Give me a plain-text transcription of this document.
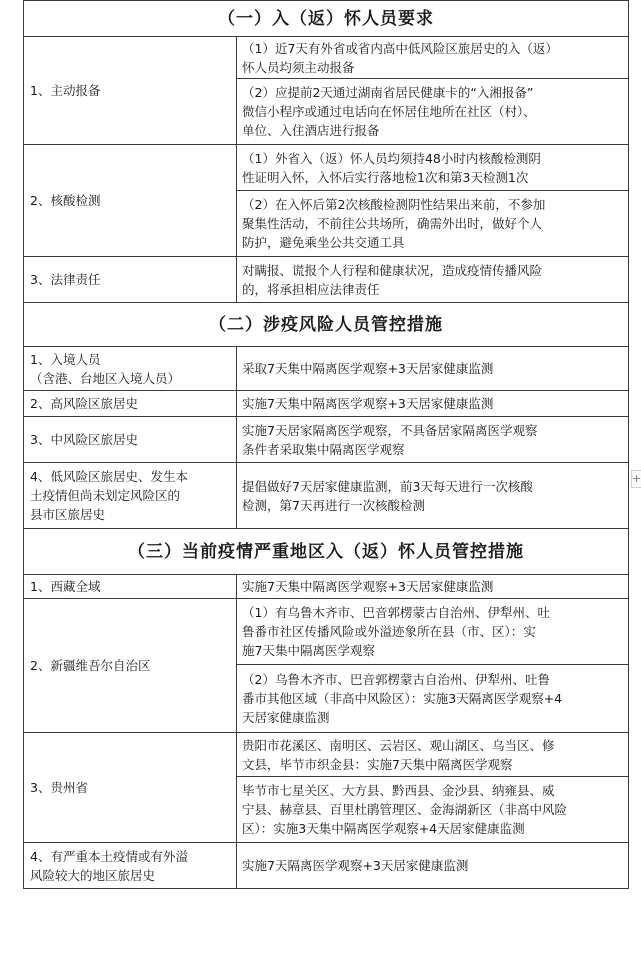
（一）入（返）怀人员要求	
1、主动报备	（1）近7天有外省或省内高中低风险区旅居史的入（返）
怀人员均须主动报备
	（2）应提前2天通过湖南省居民健康卡的“入湘报备”
微信小程序或通过电话向在怀居住地所在社区（村）、
单位、入住酒店进行报备
2、核酸检测	（1）外省入（返）怀人员均须持48小时内核酸检测阴
性证明入怀，入怀后实行落地检1次和第3天检测1次
	（2）在入怀后第2次核酸检测阴性结果出来前，不参加
聚集性活动，不前往公共场所，确需外出时，做好个人
防护，避免乘坐公共交通工具
3、法律责任	对瞒报、谎报个人行程和健康状况，造成疫情传播风险
的，将承担相应法律责任
（二）涉疫风险人员管控措施	
1、入境人员
（含港、台地区入境人员）	采取7天集中隔离医学观察+3天居家健康监测
2、高风险区旅居史	实施7天集中隔离医学观察+3天居家健康监测
3、中风险区旅居史	实施7天居家隔离医学观察，不具备居家隔离医学观察
条件者采取集中隔离医学观察
4、低风险区旅居史、发生本
土疫情但尚未划定风险区的
县市区旅居史	提倡做好7天居家健康监测，前3天每天进行一次核酸
检测，第7天再进行一次核酸检测
（三）当前疫情严重地区入（返）怀人员管控措施	
1、西藏全域	实施7天集中隔离医学观察+3天居家健康监测
2、新疆维吾尔自治区	（1）有乌鲁木齐市、巴音郭楞蒙古自治州、伊犁州、吐
鲁番市社区传播风险或外溢迹象所在县（市、区）：实
施7天集中隔离医学观察
	（2）乌鲁木齐市、巴音郭楞蒙古自治州、伊犁州、吐鲁
番市其他区域（非高中风险区）：实施3天隔离医学观察+4
天居家健康监测
3、贵州省	贵阳市花溪区、南明区、云岩区、观山湖区、乌当区、修
文县，毕节市织金县：实施7天集中隔离医学观察
	毕节市七星关区、大方县、黔西县、金沙县、纳雍县、威
宁县、赫章县、百里杜鹃管理区、金海湖新区（非高中风险
区）：实施3天集中隔离医学观察+4天居家健康监测
4、有严重本土疫情或有外溢
风险较大的地区旅居史	实施7天隔离医学观察+3天居家健康监测
+
